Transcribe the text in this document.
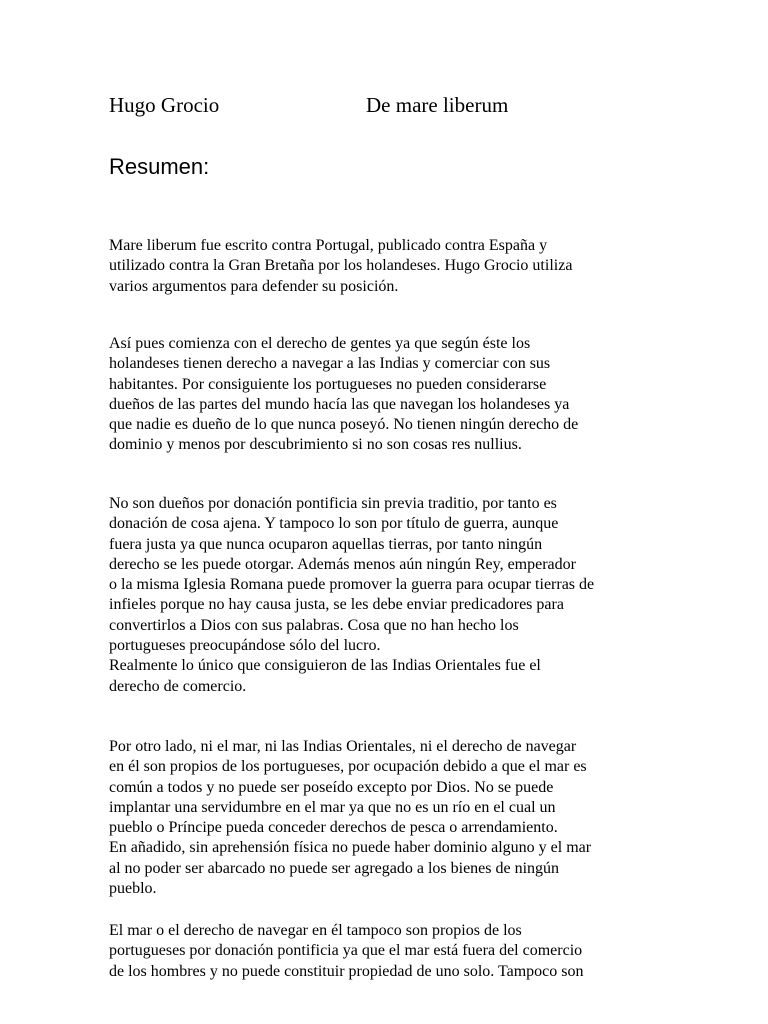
Hugo Grocio	De mare liberum
Resumen:
Mare liberum fue escrito contra Portugal, publicado contra España y
utilizado contra la Gran Bretaña por los holandeses. Hugo Grocio utiliza
varios argumentos para defender su posición.
Así pues comienza con el derecho de gentes ya que según éste los
holandeses tienen derecho a navegar a las Indias y comerciar con sus
habitantes. Por consiguiente los portugueses no pueden considerarse
dueños de las partes del mundo hacía las que navegan los holandeses ya
que nadie es dueño de lo que nunca poseyó. No tienen ningún derecho de
dominio y menos por descubrimiento si no son cosas res nullius.
No son dueños por donación pontificia sin previa traditio, por tanto es
donación de cosa ajena. Y tampoco lo son por título de guerra, aunque
fuera justa ya que nunca ocuparon aquellas tierras, por tanto ningún
derecho se les puede otorgar. Además menos aún ningún Rey, emperador
o la misma Iglesia Romana puede promover la guerra para ocupar tierras de
infieles porque no hay causa justa, se les debe enviar predicadores para
convertirlos a Dios con sus palabras. Cosa que no han hecho los
portugueses preocupándose sólo del lucro.
Realmente lo único que consiguieron de las Indias Orientales fue el
derecho de comercio.
Por otro lado, ni el mar, ni las Indias Orientales, ni el derecho de navegar
en él son propios de los portugueses, por ocupación debido a que el mar es
común a todos y no puede ser poseído excepto por Dios. No se puede
implantar una servidumbre en el mar ya que no es un río en el cual un
pueblo o Príncipe pueda conceder derechos de pesca o arrendamiento.
En añadido, sin aprehensión física no puede haber dominio alguno y el mar
al no poder ser abarcado no puede ser agregado a los bienes de ningún
pueblo.
El mar o el derecho de navegar en él tampoco son propios de los
portugueses por donación pontificia ya que el mar está fuera del comercio
de los hombres y no puede constituir propiedad de uno solo. Tampoco son
